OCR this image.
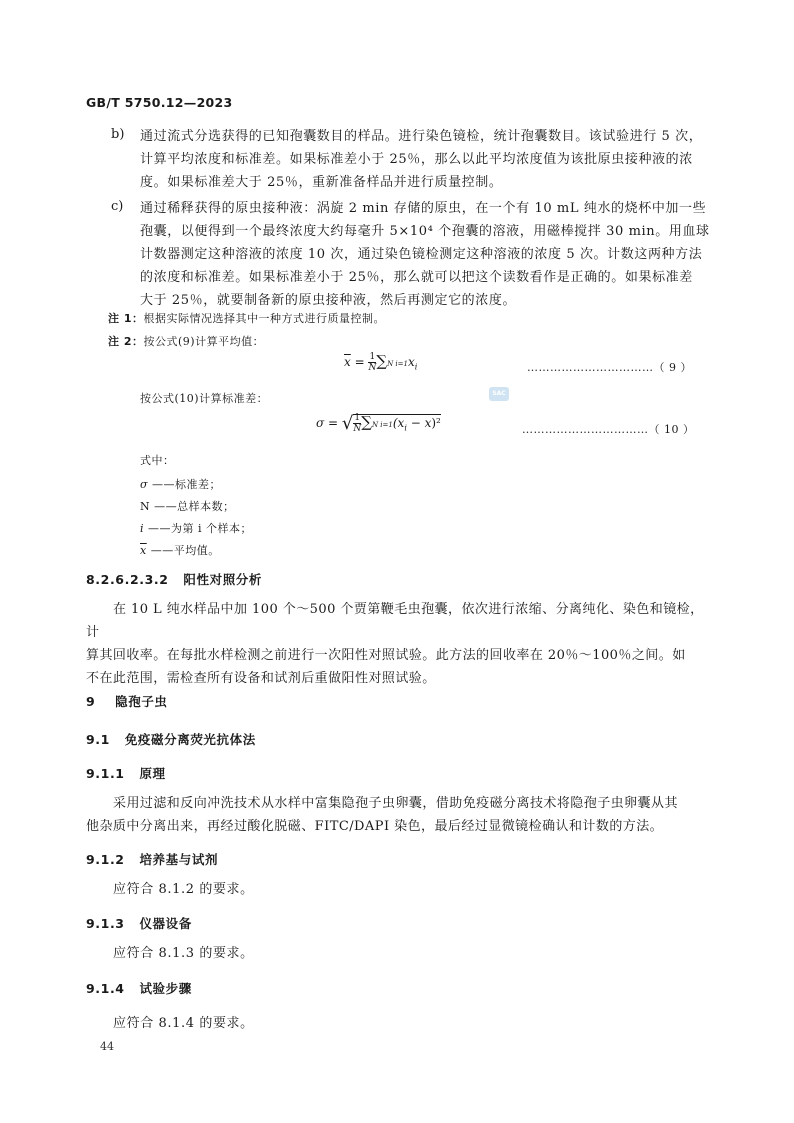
GB/T 5750.12—2023
b) 通过流式分选获得的已知孢囊数目的样品。进行染色镜检，统计孢囊数目。该试验进行 5 次，
计算平均浓度和标准差。如果标准差小于 25％，那么以此平均浓度值为该批原虫接种液的浓
度。如果标准差大于 25％，重新准备样品并进行质量控制。
c) 通过稀释获得的原虫接种液：涡旋 2 min 存储的原虫，在一个有 10 mL 纯水的烧杯中加一些
孢囊，以便得到一个最终浓度大约每毫升 5×10⁴ 个孢囊的溶液，用磁棒搅拌 30 min。用血球
计数器测定这种溶液的浓度 10 次，通过染色镜检测定这种溶液的浓度 5 次。计数这两种方法
的浓度和标准差。如果标准差小于 25％，那么就可以把这个读数看作是正确的。如果标准差
大于 25％，就要制备新的原虫接种液，然后再测定它的浓度。
注 1：根据实际情况选择其中一种方式进行质量控制。
注 2：按公式(9)计算平均值：
$\overline{x} = \frac{1}{N} \sum N$ $i=1x_i$	……………………………（ 9 ）
SAC
按公式(10)计算标准差：
σ = √ $\frac{1}{N} \sum N$ $i=1(x_i - x)^2$	……………………………（ 10 ）
式中：
σ ——标准差；
N ——总样本数；
i ——为第 i 个样本；
$\overline{x}$ ——平均值。
8.2.6.2.3.2 阳性对照分析
在 10 L 纯水样品中加 100 个～500 个贾第鞭毛虫孢囊，依次进行浓缩、分离纯化、染色和镜检，计
算其回收率。在每批水样检测之前进行一次阳性对照试验。此方法的回收率在 20％～100％之间。如
不在此范围，需检查所有设备和试剂后重做阳性对照试验。
9 隐孢子虫
9.1 免疫磁分离荧光抗体法
9.1.1 原理
采用过滤和反向冲洗技术从水样中富集隐孢子虫卵囊，借助免疫磁分离技术将隐孢子虫卵囊从其
他杂质中分离出来，再经过酸化脱磁、FITC/DAPI 染色，最后经过显微镜检确认和计数的方法。
9.1.2 培养基与试剂
应符合 8.1.2 的要求。
9.1.3 仪器设备
应符合 8.1.3 的要求。
9.1.4 试验步骤
应符合 8.1.4 的要求。
44
